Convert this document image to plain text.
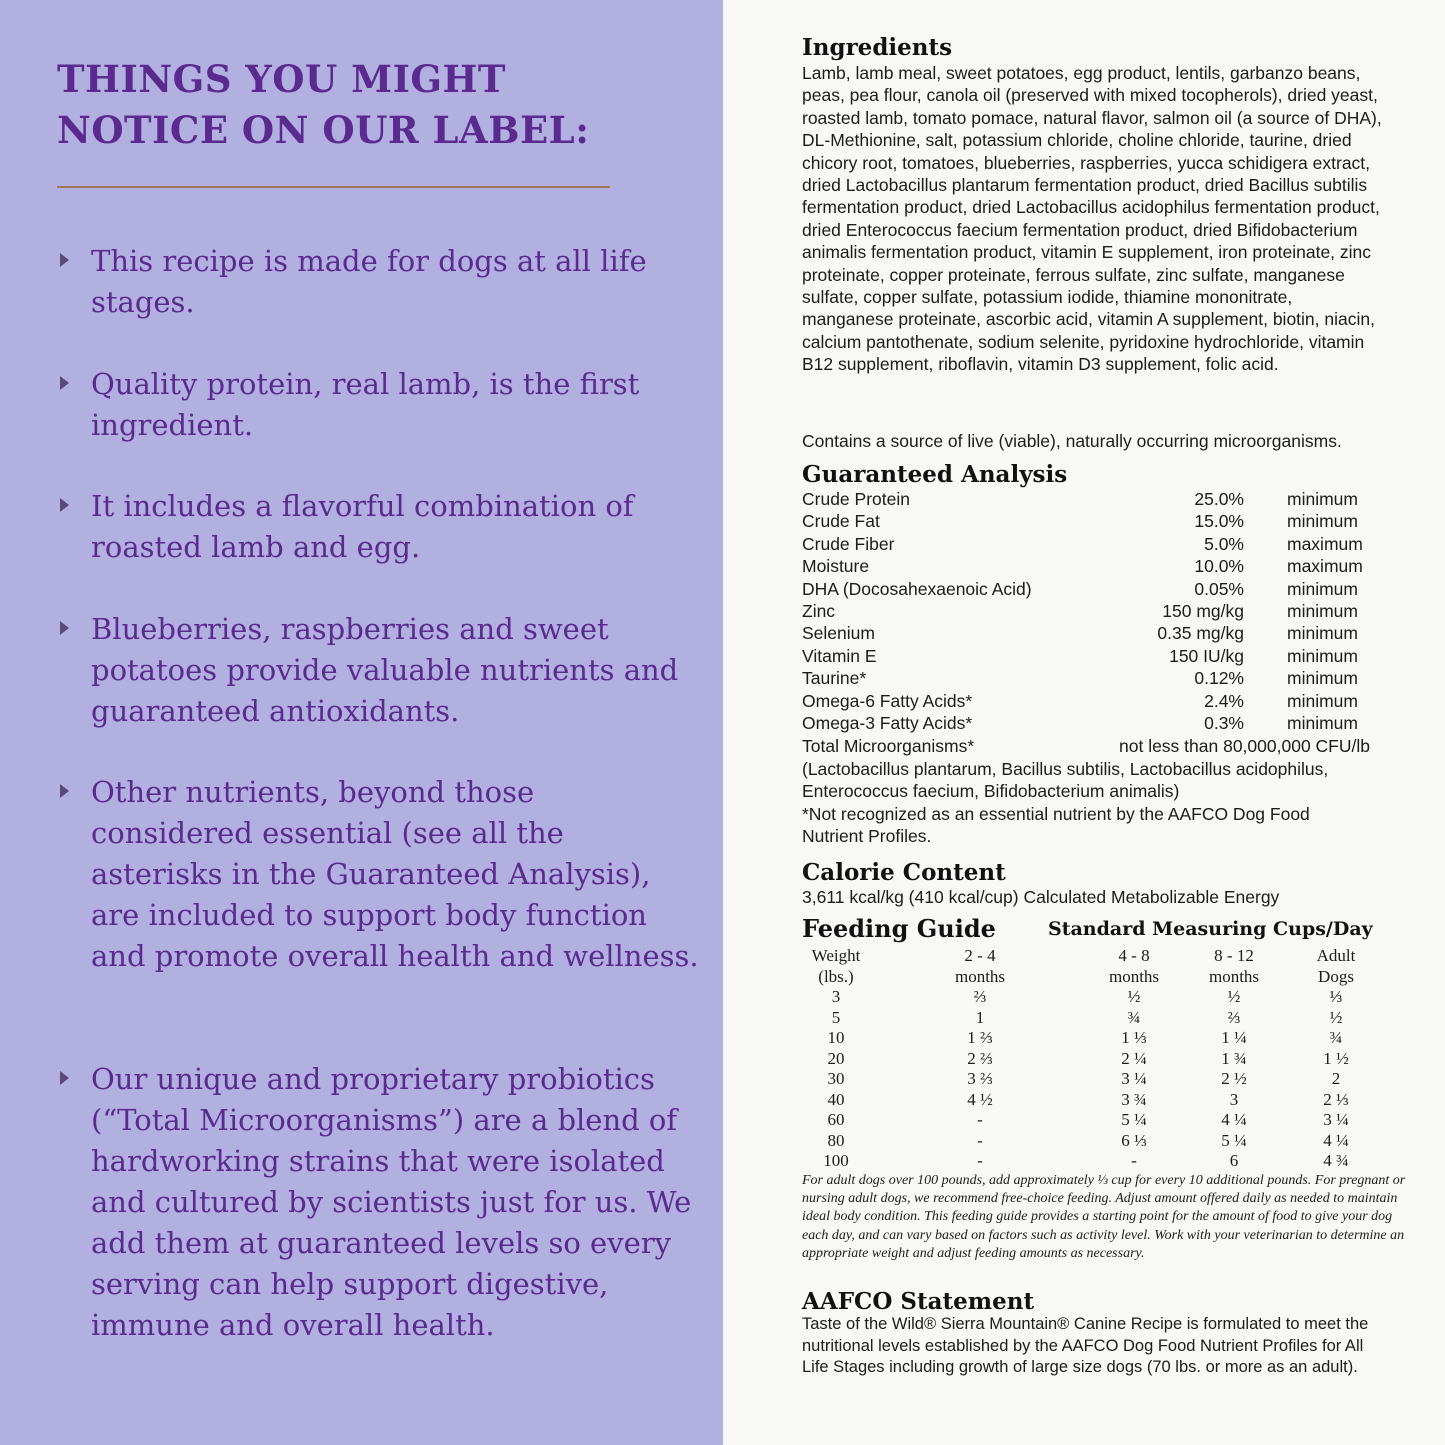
THINGS YOU MIGHT
NOTICE ON OUR LABEL:
This recipe is made for dogs at all life stages.
Quality protein, real lamb, is the first ingredient.
It includes a flavorful combination of roasted lamb and egg.
Blueberries, raspberries and sweet potatoes provide valuable nutrients and guaranteed antioxidants.
Other nutrients, beyond those considered essential (see all the asterisks in the Guaranteed Analysis), are included to support body function and promote overall health and wellness.
Our unique and proprietary probiotics (“Total Microorganisms”) are a blend of hardworking strains that were isolated and cultured by scientists just for us. We add them at guaranteed levels so every serving can help support digestive, immune and overall health.
Ingredients
Lamb, lamb meal, sweet potatoes, egg product, lentils, garbanzo beans, peas, pea flour, canola oil (preserved with mixed tocopherols), dried yeast, roasted lamb, tomato pomace, natural flavor, salmon oil (a source of DHA), DL-Methionine, salt, potassium chloride, choline chloride, taurine, dried chicory root, tomatoes, blueberries, raspberries, yucca schidigera extract, dried Lactobacillus plantarum fermentation product, dried Bacillus subtilis fermentation product, dried Lactobacillus acidophilus fermentation product, dried Enterococcus faecium fermentation product, dried Bifidobacterium animalis fermentation product, vitamin E supplement, iron proteinate, zinc proteinate, copper proteinate, ferrous sulfate, zinc sulfate, manganese sulfate, copper sulfate, potassium iodide, thiamine mononitrate, manganese proteinate, ascorbic acid, vitamin A supplement, biotin, niacin, calcium pantothenate, sodium selenite, pyridoxine hydrochloride, vitamin B12 supplement, riboflavin, vitamin D3 supplement, folic acid.
Contains a source of live (viable), naturally occurring microorganisms.
Guaranteed Analysis
Crude Protein	25.0% minimum
Crude Fat	15.0% minimum
Crude Fiber	5.0% maximum
Moisture	10.0% maximum
DHA (Docosahexaenoic Acid)	0.05% minimum
Zinc	150 mg/kg minimum
Selenium	0.35 mg/kg minimum
Vitamin E	150 IU/kg minimum
Taurine*	0.12% minimum
Omega-6 Fatty Acids*	2.4% minimum
Omega-3 Fatty Acids*	0.3% minimum
Total Microorganisms*	not less than 80,000,000 CFU/lb
(Lactobacillus plantarum, Bacillus subtilis, Lactobacillus acidophilus, Enterococcus faecium, Bifidobacterium animalis)
*Not recognized as an essential nutrient by the AAFCO Dog Food Nutrient Profiles.
Calorie Content
3,611 kcal/kg (410 kcal/cup) Calculated Metabolizable Energy
Feeding Guide	Standard Measuring Cups/Day
Weight	2 - 4	4 - 8	8 - 12	Adult
(lbs.)	months	months	months	Dogs
3	⅔	½	½	⅓
5	1	¾	⅔	½
10	1 ⅔	1 ⅓	1 ¼	¾
20	2 ⅔	2 ¼	1 ¾	1 ½
30	3 ⅔	3 ¼	2 ½	2
40	4 ½	3 ¾	3	2 ⅓
60	-	5 ¼	4 ¼	3 ¼
80	-	6 ⅓	5 ¼	4 ¼
100	-	-	6	4 ¾
For adult dogs over 100 pounds, add approximately ⅓ cup for every 10 additional pounds. For pregnant or nursing adult dogs, we recommend free-choice feeding. Adjust amount offered daily as needed to maintain ideal body condition. This feeding guide provides a starting point for the amount of food to give your dog each day, and can vary based on factors such as activity level. Work with your veterinarian to determine an appropriate weight and adjust feeding amounts as necessary.
AAFCO Statement
Taste of the Wild® Sierra Mountain® Canine Recipe is formulated to meet the nutritional levels established by the AAFCO Dog Food Nutrient Profiles for All Life Stages including growth of large size dogs (70 lbs. or more as an adult).
